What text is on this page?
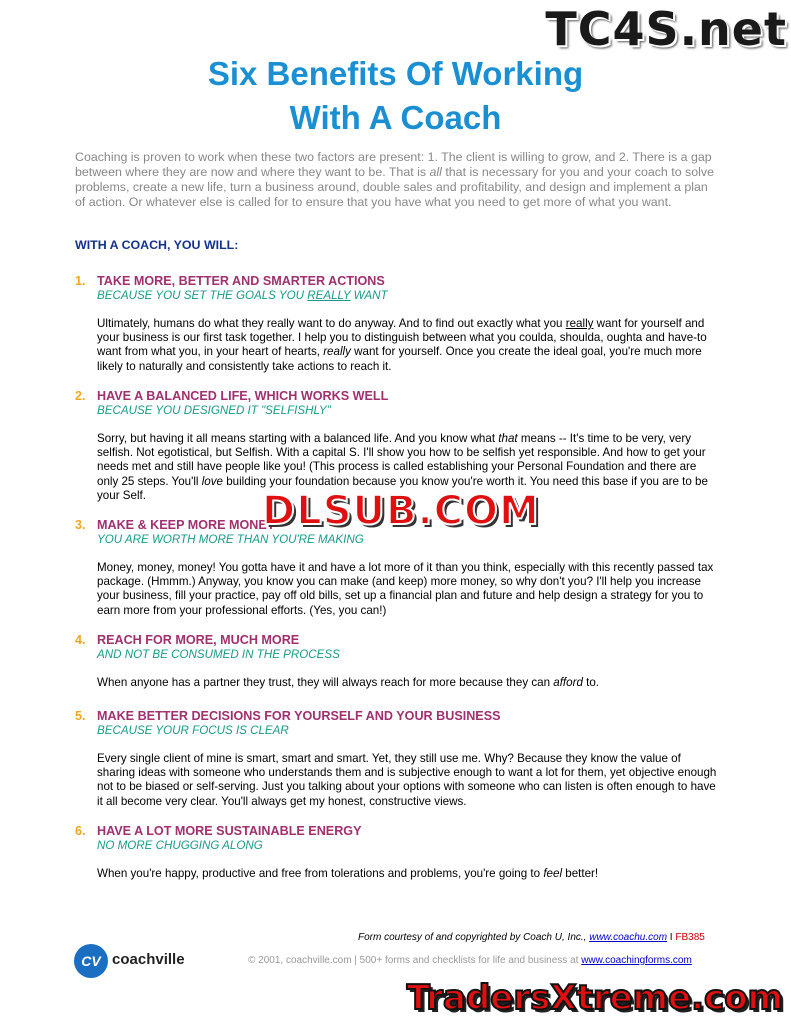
TC4S.net
Six Benefits Of Working
With A Coach

Coaching is proven to work when these two factors are present: 1. The client is willing to grow, and 2. There is a gap between where they are now and where they want to be. That is all that is necessary for you and your coach to solve problems, create a new life, turn a business around, double sales and profitability, and design and implement a plan of action. Or whatever else is called for to ensure that you have what you need to get more of what you want.

WITH A COACH, YOU WILL:

1. TAKE MORE, BETTER AND SMARTER ACTIONS

BECAUSE YOU SET THE GOALS YOU REALLY WANT

Ultimately, humans do what they really want to do anyway. And to find out exactly what you really want for yourself and your business is our first task together. I help you to distinguish between what you coulda, shoulda, oughta and have-to want from what you, in your heart of hearts, really want for yourself. Once you create the ideal goal, you're much more likely to naturally and consistently take actions to reach it.

2. HAVE A BALANCED LIFE, WHICH WORKS WELL

BECAUSE YOU DESIGNED IT "SELFISHLY"

Sorry, but having it all means starting with a balanced life. And you know what that means -- It's time to be very, very selfish. Not egotistical, but Selfish. With a capital S. I'll show you how to be selfish yet responsible. And how to get your needs met and still have people like you! (This process is called establishing your Personal Foundation and there are only 25 steps. You'll love building your foundation because you know you're worth it. You need this base if you are to be your Self.

3. MAKE & KEEP MORE MONEY

YOU ARE WORTH MORE THAN YOU'RE MAKING

Money, money, money! You gotta have it and have a lot more of it than you think, especially with this recently passed tax package. (Hmmm.) Anyway, you know you can make (and keep) more money, so why don't you? I'll help you increase your business, fill your practice, pay off old bills, set up a financial plan and future and help design a strategy for you to earn more from your professional efforts. (Yes, you can!)

DLSUB.COM

4. REACH FOR MORE, MUCH MORE

AND NOT BE CONSUMED IN THE PROCESS

When anyone has a partner they trust, they will always reach for more because they can afford to.

5. MAKE BETTER DECISIONS FOR YOURSELF AND YOUR BUSINESS

BECAUSE YOUR FOCUS IS CLEAR

Every single client of mine is smart, smart and smart. Yet, they still use me. Why? Because they know the value of sharing ideas with someone who understands them and is subjective enough to want a lot for them, yet objective enough not to be biased or self-serving. Just you talking about your options with someone who can listen is often enough to have it all become very clear. You'll always get my honest, constructive views.

6. HAVE A LOT MORE SUSTAINABLE ENERGY

NO MORE CHUGGING ALONG

When you're happy, productive and free from tolerations and problems, you're going to feel better!

Form courtesy of and copyrighted by Coach U, Inc., www.coachu.com I FB385
CV coachville	© 2001, coachville.com | 500+ forms and checklists for life and business at www.coachingforms.com
TradersXtreme.com
